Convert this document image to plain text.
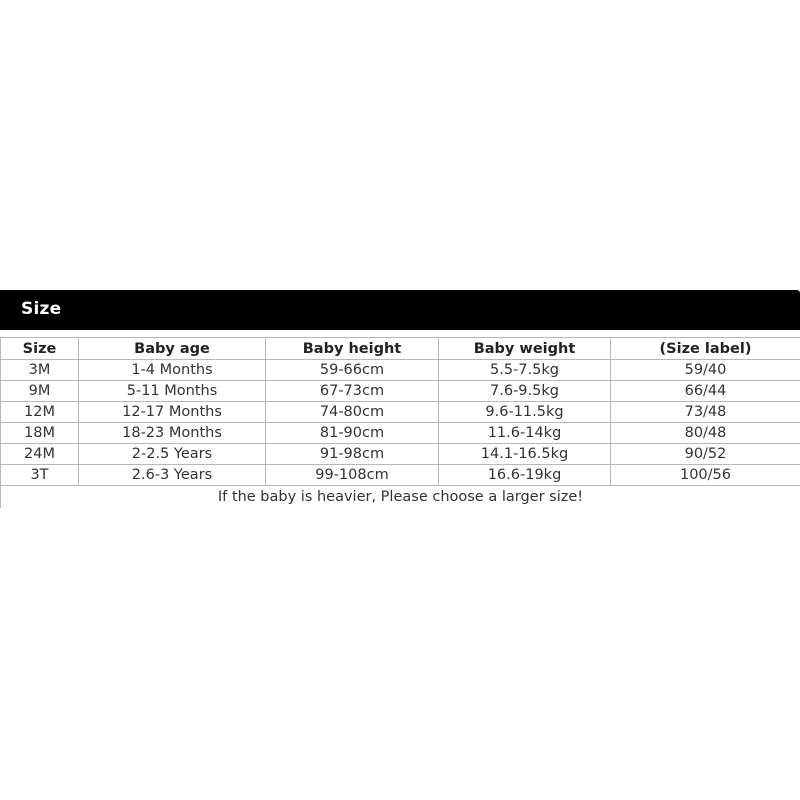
Size
Size	Baby age	Baby height	Baby weight	(Size label)
3M	1-4 Months	59-66cm	5.5-7.5kg	59/40
9M	5-11 Months	67-73cm	7.6-9.5kg	66/44
12M	12-17 Months	74-80cm	9.6-11.5kg	73/48
18M	18-23 Months	81-90cm	11.6-14kg	80/48
24M	2-2.5 Years	91-98cm	14.1-16.5kg	90/52
3T	2.6-3 Years	99-108cm	16.6-19kg	100/56
If the baby is heavier, Please choose a larger size!				
